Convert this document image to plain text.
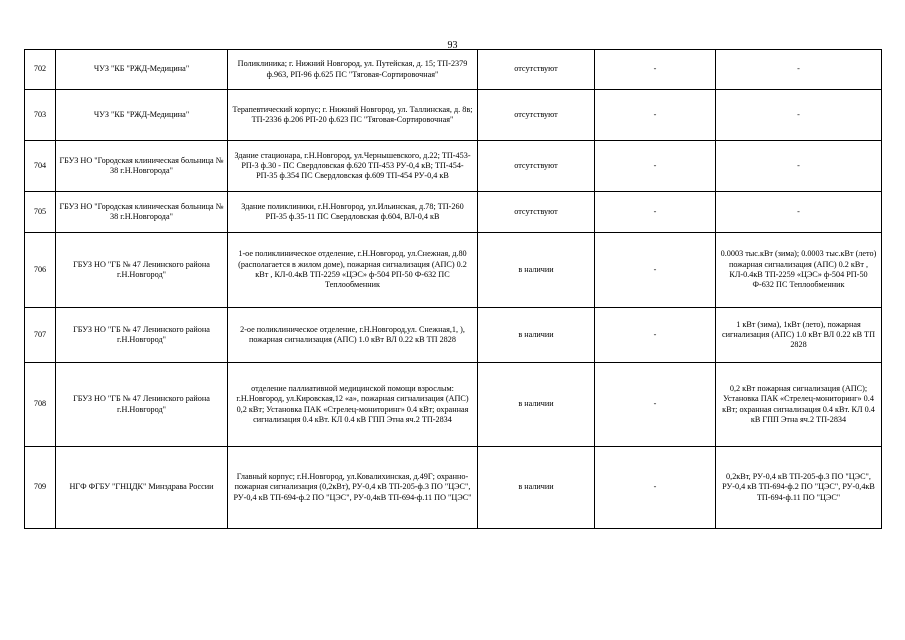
93
702	ЧУЗ "КБ "РЖД-Медицина"	Поликлиника; г. Нижний Новгород, ул. Путейская, д. 15; ТП-2379 ф.963, РП-96 ф.625 ПС "Тяговая-Сортировочная"	отсутствуют	-	-
703	ЧУЗ "КБ "РЖД-Медицина"	Терапевтический корпус; г. Нижний Новгород, ул. Таллинская, д. 8в; ТП-2336 ф.206 РП-20 ф.623 ПС "Тяговая-Сортировочная"	отсутствуют	-	-
704	ГБУЗ НО "Городская клиническая больница № 38 г.Н.Новгорода"	Здание стационара, г.Н.Новгород, ул.Чернышевского, д.22; ТП-453-РП-3 ф.30 - ПС Свердловская ф.620 ТП-453 РУ-0,4 кВ; ТП-454-РП-35 ф.354 ПС Свердловская ф.609 ТП-454 РУ-0,4 кВ	отсутствуют	-	-
705	ГБУЗ НО "Городская клиническая больница № 38 г.Н.Новгорода"	Здание поликлиники, г.Н.Новгород, ул.Ильинская, д.78; ТП-260 РП-35 ф.35-11 ПС Свердловская ф.604, ВЛ-0,4 кВ	отсутствуют	-	-
706	ГБУЗ НО "ГБ № 47 Ленинского района г.Н.Новгород"	1-ое поликлиническое отделение, г.Н.Новгород, ул.Снежная, д.80 (располагается в жилом доме), пожарная сигнализация (АПС) 0.2 кВт , КЛ-0.4кВ ТП-2259 «ЦЭС» ф-504 РП-50 Ф-632 ПС Теплообменник	в наличии	-	0.0003 тыс.кВт (зима); 0.0003 тыс.кВт (лето) пожарная сигнализация (АПС) 0.2 кВт , КЛ-0.4кВ ТП-2259 «ЦЭС» ф-504 РП-50 Ф-632 ПС Теплообменник
707	ГБУЗ НО "ГБ № 47 Ленинского района г.Н.Новгород"	2-ое поликлиническое отделение, г.Н.Новгород,ул. Снежная,1, ), пожарная сигнализация (АПС) 1.0 кВт ВЛ 0.22 кВ ТП 2828	в наличии	-	1 кВт (зима), 1кВт (лето), пожарная сигнализация (АПС) 1.0 кВт ВЛ 0.22 кВ ТП 2828
708	ГБУЗ НО "ГБ № 47 Ленинского района г.Н.Новгород"	отделение паллиативной медицинской помощи взрослым: г.Н.Новгород, ул.Кировская,12 «а», пожарная сигнализация (АПС) 0,2 кВт; Установка ПАК «Стрелец-мониторинг» 0.4 кВт; охранная сигнализация 0.4 кВт. КЛ 0.4 кВ ГПП Этна яч.2 ТП-2834	в наличии	-	0,2 кВт пожарная сигнализация (АПС); Установка ПАК «Стрелец-мониторинг» 0.4 кВт; охранная сигнализация 0.4 кВт. КЛ 0.4 кВ ГПП Этна яч.2 ТП-2834
709	НГФ ФГБУ "ГНЦДК" Минздрава России	Главный корпус; г.Н.Новгород, ул.Ковалихинская, д.49Г; охранно-пожарная сигнализация (0,2кВт), РУ-0,4 кВ ТП-205-ф.3 ПО "ЦЭС", РУ-0,4 кВ ТП-694-ф.2 ПО "ЦЭС", РУ-0,4кВ ТП-694-ф.11 ПО "ЦЭС"	в наличии	-	0,2кВт, РУ-0,4 кВ ТП-205-ф.3 ПО "ЦЭС", РУ-0,4 кВ ТП-694-ф.2 ПО "ЦЭС", РУ-0,4кВ ТП-694-ф.11 ПО "ЦЭС"
